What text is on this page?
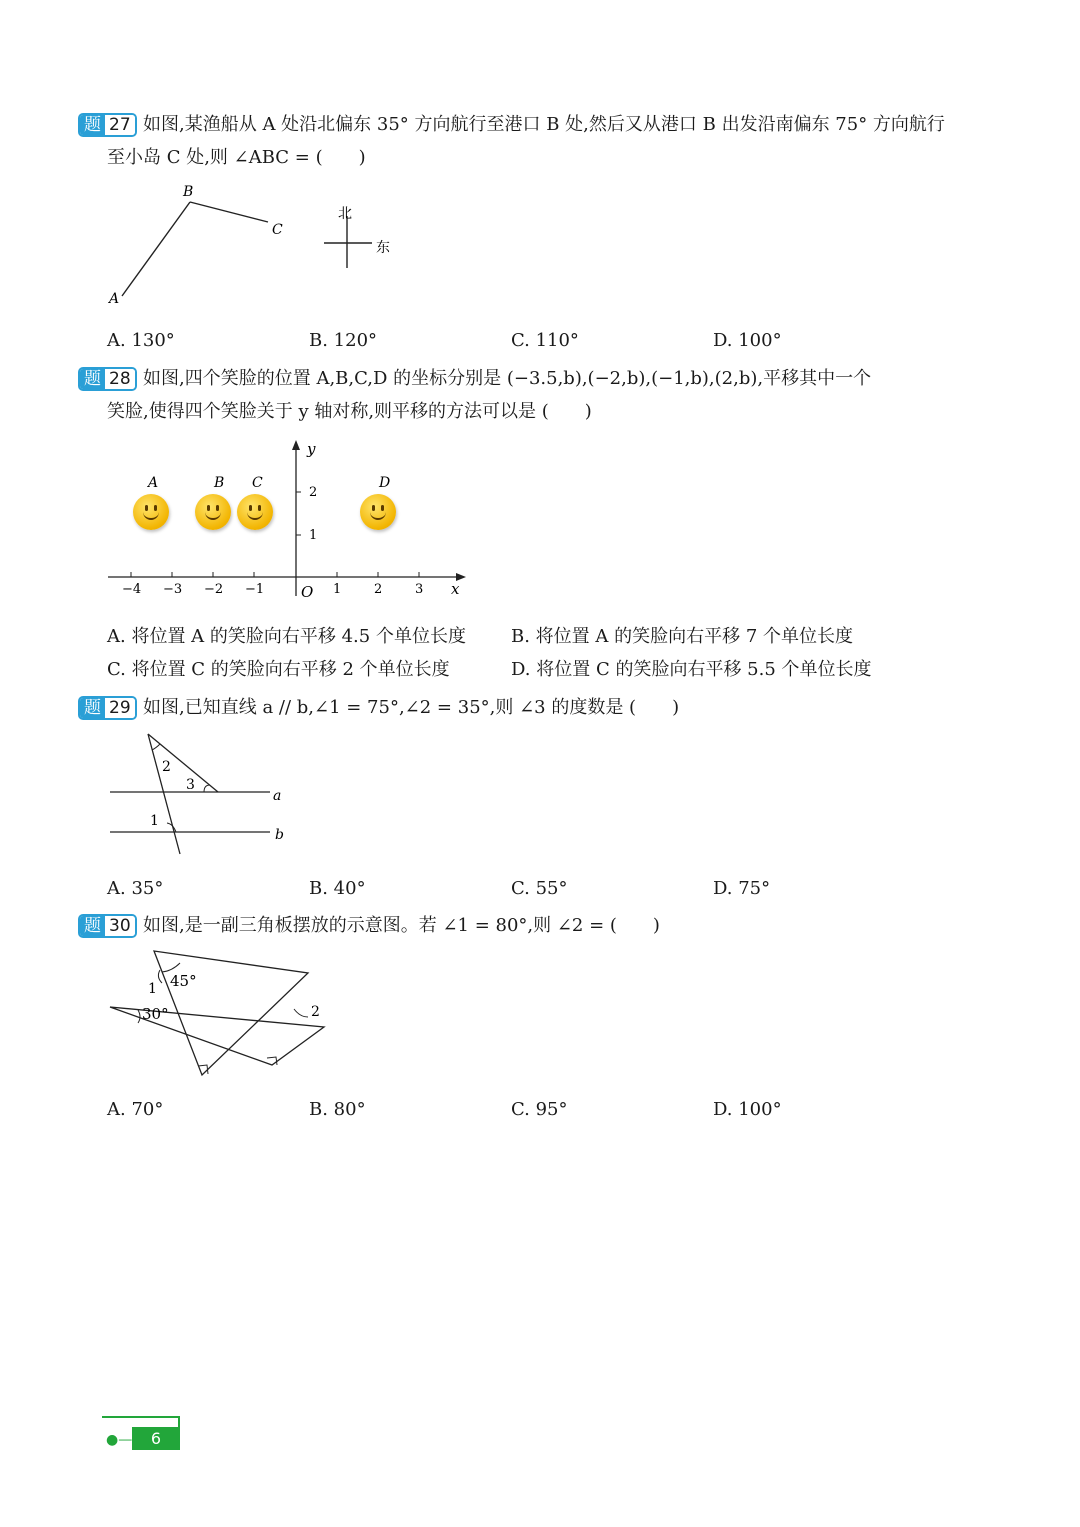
题 27 如图,某渔船从 A 处沿北偏东 35° 方向航行至港口 B 处,然后又从港口 B 出发沿南偏东 75° 方向航行
至小岛 C 处,则 ∠ABC = (　　)
A
B
C
北
东
A. 130°	B. 120°	C. 110°	D. 100°
题 28 如图,四个笑脸的位置 A,B,C,D 的坐标分别是 (−3.5,b),(−2,b),(−1,b),(2,b),平移其中一个
笑脸,使得四个笑脸关于 y 轴对称,则平移的方法可以是 (　　)
−4 −3 −2 −1	1	2	3
2
1
O	x
y
A	B C	D
A. 将位置 A 的笑脸向右平移 4.5 个单位长度	B. 将位置 A 的笑脸向右平移 7 个单位长度
C. 将位置 C 的笑脸向右平移 2 个单位长度	D. 将位置 C 的笑脸向右平移 5.5 个单位长度
题 29 如图,已知直线 a // b,∠1 = 75°,∠2 = 35°,则 ∠3 的度数是 (　　)
2
3
1
a
b
A. 35°	B. 40°	C. 55°	D. 75°
题 30 如图,是一副三角板摆放的示意图。若 ∠1 = 80°,则 ∠2 = (　　)
45°
30°
1
2
A. 70°	B. 80°	C. 95°	D. 100°
●—	6
